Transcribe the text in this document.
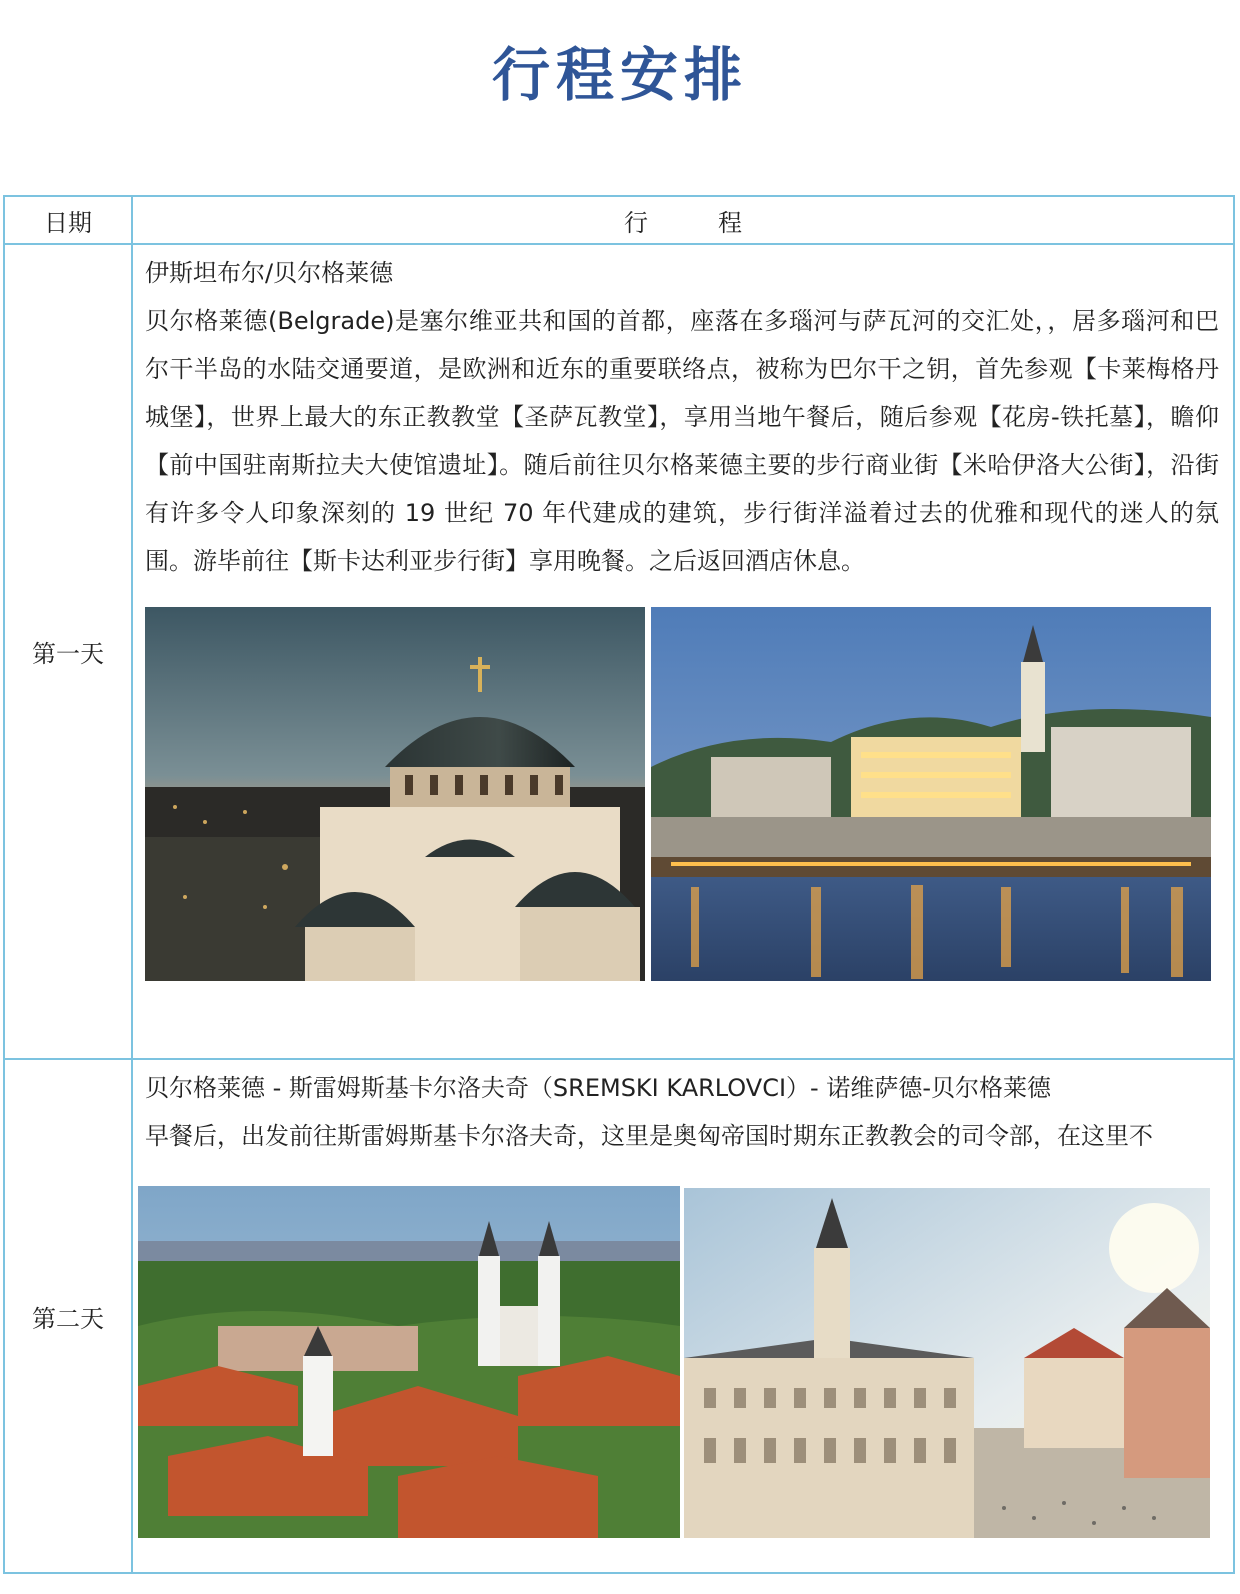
行程安排
日期	行 程
第一天	伊斯坦布尔/贝尔格莱德
贝尔格莱德(Belgrade)是塞尔维亚共和国的首都，座落在多瑙河与萨瓦河的交汇处，，居多瑙河和巴尔干半岛的水陆交通要道，是欧洲和近东的重要联络点，被称为巴尔干之钥，首先参观【卡莱梅格丹城堡】，世界上最大的东正教教堂【圣萨瓦教堂】，享用当地午餐后，随后参观【花房-铁托墓】，瞻仰【前中国驻南斯拉夫大使馆遗址】。随后前往贝尔格莱德主要的步行商业街【米哈伊洛大公街】，沿街有许多令人印象深刻的 19 世纪 70 年代建成的建筑，步行街洋溢着过去的优雅和现代的迷人的氛围。游毕前往【斯卡达利亚步行街】享用晚餐。之后返回酒店休息。

第二天	贝尔格莱德 - 斯雷姆斯基卡尔洛夫奇（SREMSKI KARLOVCI）- 诺维萨德-贝尔格莱德
早餐后，出发前往斯雷姆斯基卡尔洛夫奇，这里是奥匈帝国时期东正教教会的司令部，在这里不
